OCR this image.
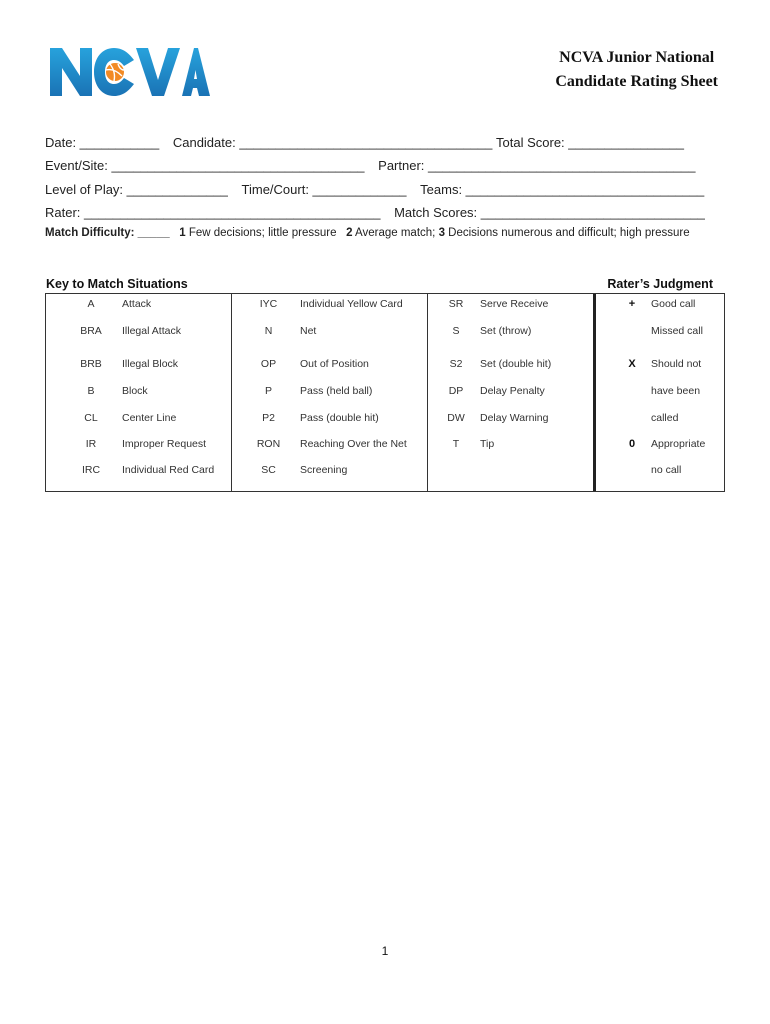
NCVA Junior National
Candidate Rating Sheet
Date: ___________ Candidate: ___________________________________ Total Score: ________________
Event/Site: ___________________________________ Partner: _____________________________________
Level of Play: ______________ Time/Court: _____________ Teams: _________________________________
Rater: _________________________________________ Match Scores: _______________________________
Match Difficulty: _____ 1 Few decisions; little pressure 2 Average match; 3 Decisions numerous and difficult; high pressure
Key to Match Situations	Rater’s Judgment
A	Attack
BRA	Illegal Attack
BRB	Illegal Block
B	Block
CL	Center Line
IR	Improper Request
IRC	Individual Red Card
IYC	Individual Yellow Card
N	Net
OP	Out of Position
P	Pass (held ball)
P2	Pass (double hit)
RON	Reaching Over the Net
SC	Screening
SR	Serve Receive
S	Set (throw)
S2	Set (double hit)
DP	Delay Penalty
DW	Delay Warning
T	Tip
+	Good call
Missed call
X	Should not
have been
called
0	Appropriate
no call
1
